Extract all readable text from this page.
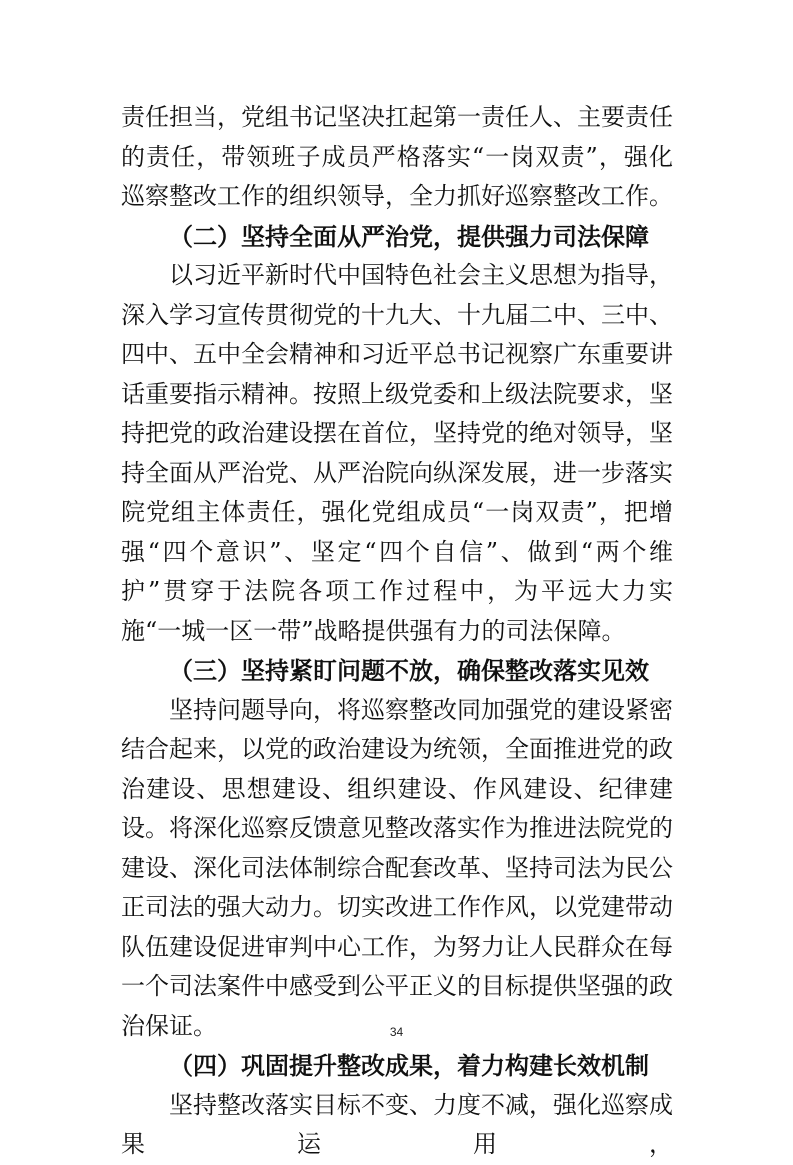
责任担当，党组书记坚决扛起第一责任人、主要责任的责任，带领班子成员严格落实“一岗双责”，强化巡察整改工作的组织领导，全力抓好巡察整改工作。

（二）坚持全面从严治党，提供强力司法保障

以习近平新时代中国特色社会主义思想为指导，深入学习宣传贯彻党的十九大、十九届二中、三中、四中、五中全会精神和习近平总书记视察广东重要讲话重要指示精神。按照上级党委和上级法院要求，坚持把党的政治建设摆在首位，坚持党的绝对领导，坚持全面从严治党、从严治院向纵深发展，进一步落实院党组主体责任，强化党组成员“一岗双责”，把增强“四个意识”、坚定“四个自信”、做到“两个维护”贯穿于法院各项工作过程中，为平远大力实施“一城一区一带”战略提供强有力的司法保障。

（三）坚持紧盯问题不放，确保整改落实见效

坚持问题导向，将巡察整改同加强党的建设紧密结合起来，以党的政治建设为统领，全面推进党的政治建设、思想建设、组织建设、作风建设、纪律建设。将深化巡察反馈意见整改落实作为推进法院党的建设、深化司法体制综合配套改革、坚持司法为民公正司法的强大动力。切实改进工作作风，以党建带动队伍建设促进审判中心工作，为努力让人民群众在每一个司法案件中感受到公平正义的目标提供坚强的政治保证。

（四）巩固提升整改成果，着力构建长效机制

坚持整改落实目标不变、力度不减，强化巡察成果运用，

34
